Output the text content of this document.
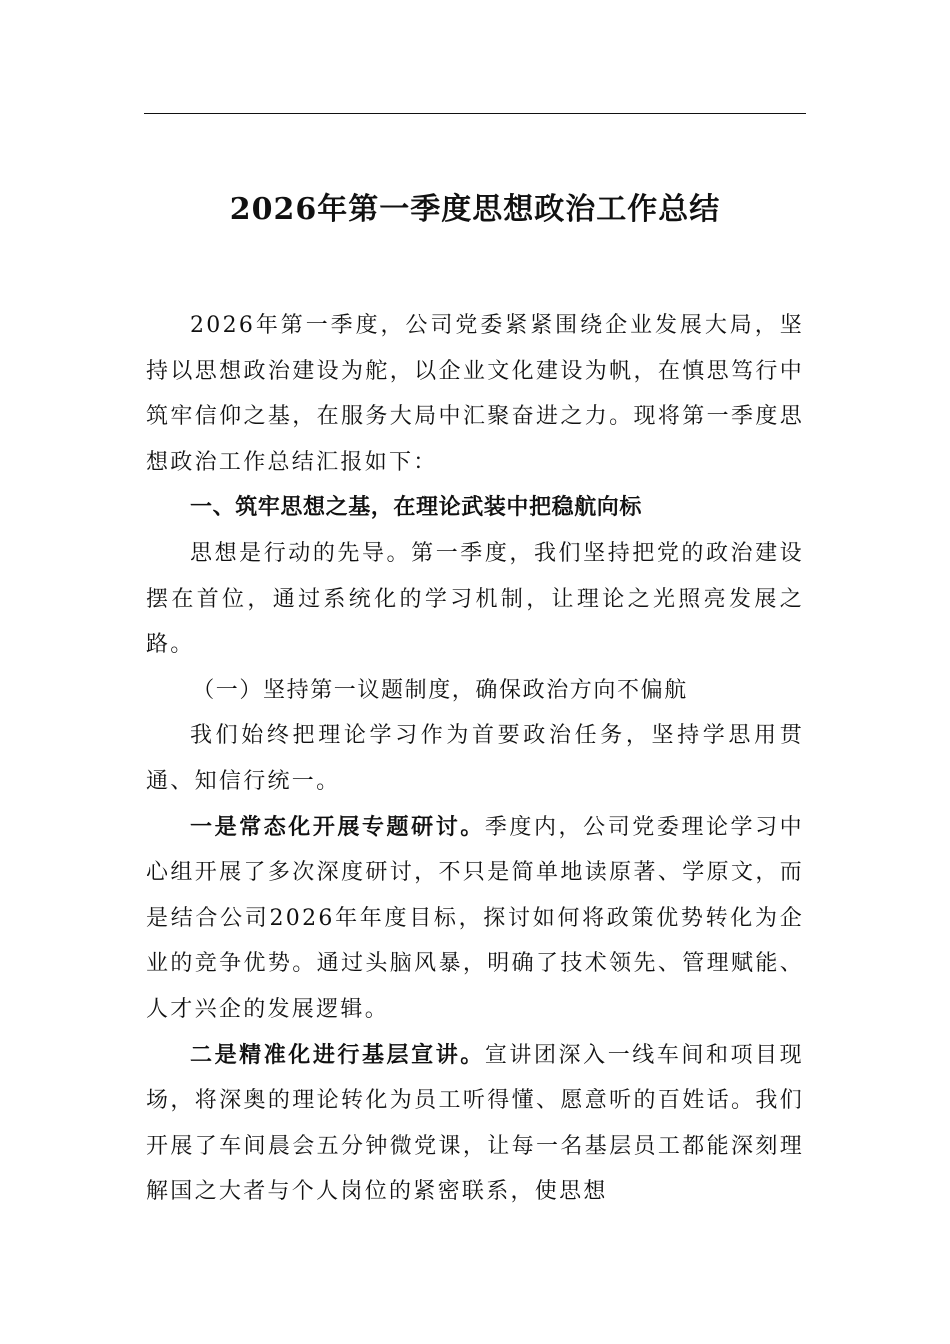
2026年第一季度思想政治工作总结

2026年第一季度，公司党委紧紧围绕企业发展大局，坚持以思想政治建设为舵，以企业文化建设为帆，在慎思笃行中筑牢信仰之基，在服务大局中汇聚奋进之力。现将第一季度思想政治工作总结汇报如下：

一、筑牢思想之基，在理论武装中把稳航向标

思想是行动的先导。第一季度，我们坚持把党的政治建设摆在首位，通过系统化的学习机制，让理论之光照亮发展之路。

（一）坚持第一议题制度，确保政治方向不偏航

我们始终把理论学习作为首要政治任务，坚持学思用贯通、知信行统一。

一是常态化开展专题研讨。季度内，公司党委理论学习中心组开展了多次深度研讨，不只是简单地读原著、学原文，而是结合公司2026年年度目标，探讨如何将政策优势转化为企业的竞争优势。通过头脑风暴，明确了技术领先、管理赋能、人才兴企的发展逻辑。

二是精准化进行基层宣讲。宣讲团深入一线车间和项目现场，将深奥的理论转化为员工听得懂、愿意听的百姓话。我们开展了车间晨会五分钟微党课，让每一名基层员工都能深刻理解国之大者与个人岗位的紧密联系，使思想
